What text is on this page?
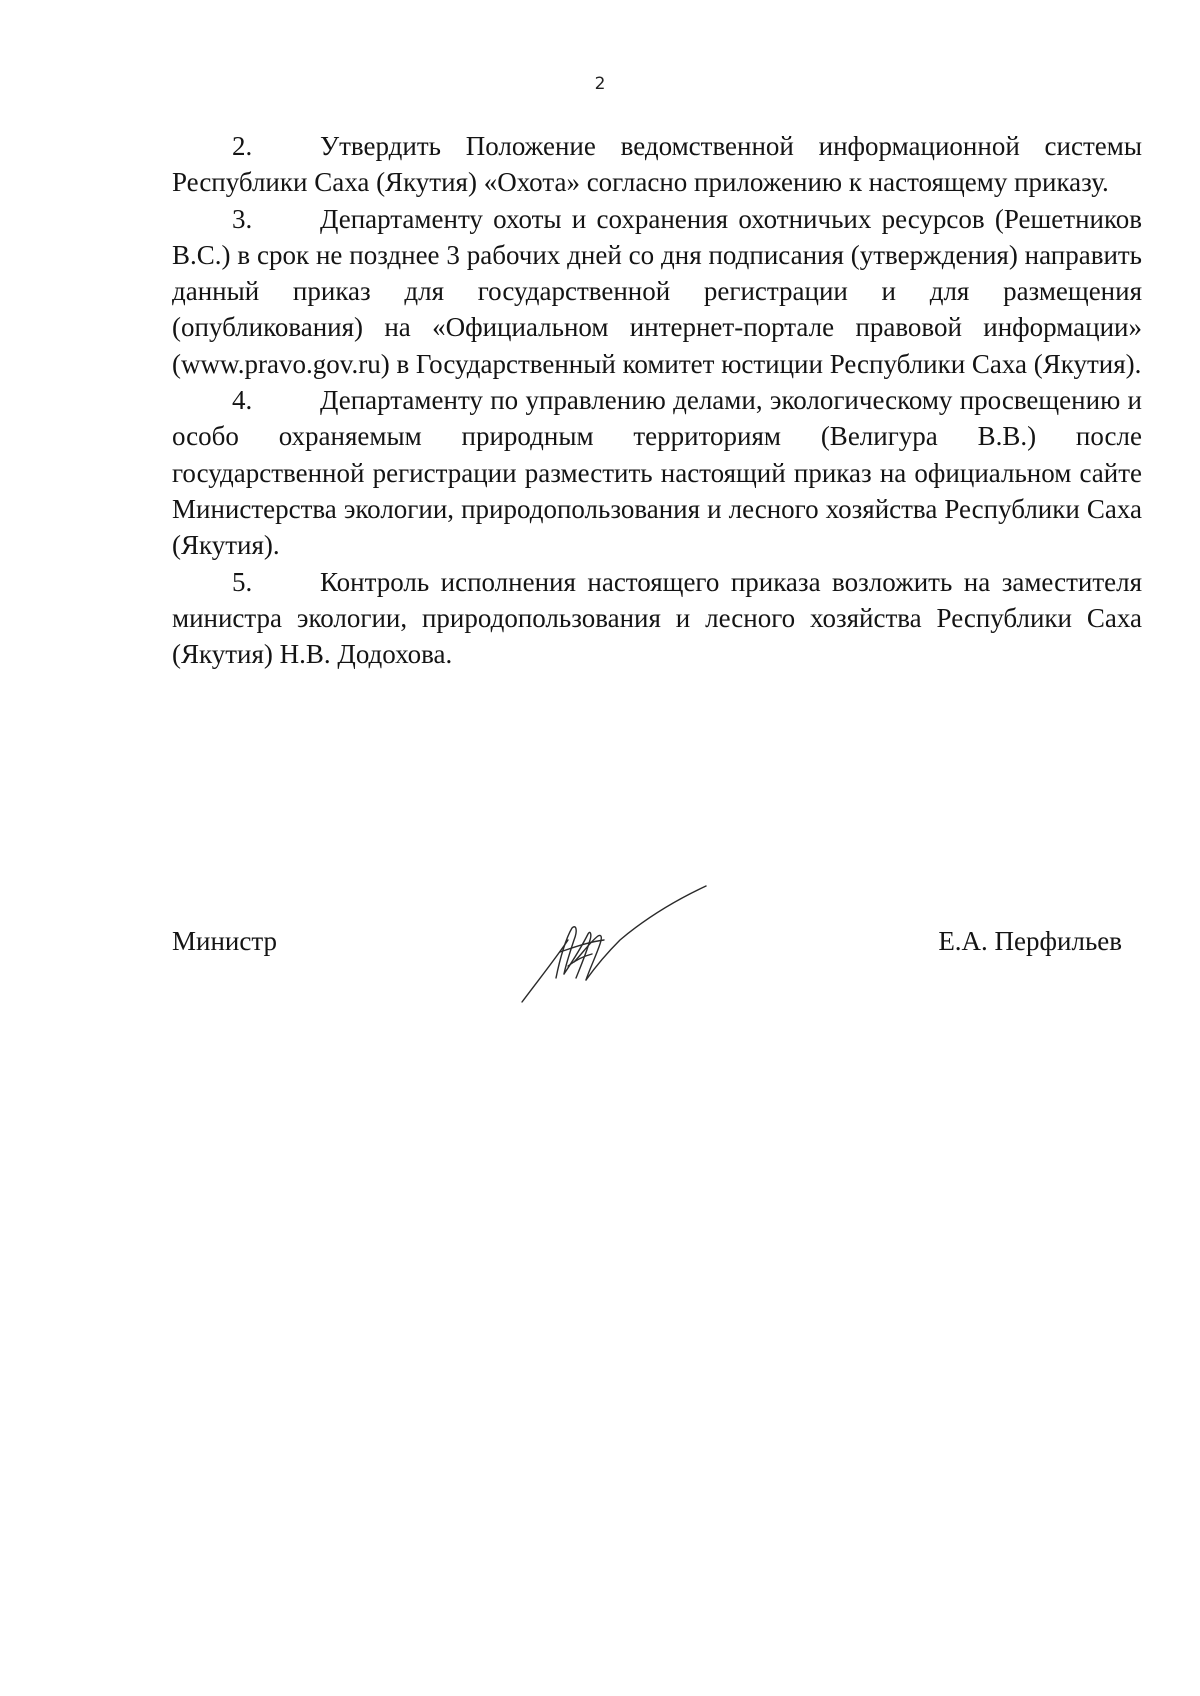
2

2.	Утвердить Положение ведомственной информационной системы Республики Саха (Якутия) «Охота» согласно приложению к настоящему приказу.

3.	Департаменту охоты и сохранения охотничьих ресурсов (Решетников В.С.) в срок не позднее 3 рабочих дней со дня подписания (утверждения) направить данный приказ для государственной регистрации и для размещения (опубликования) на «Официальном интернет-портале правовой информации» (www.pravo.gov.ru) в Государственный комитет юстиции Республики Саха (Якутия).

4.	Департаменту по управлению делами, экологическому просвещению и особо охраняемым природным территориям (Велигура В.В.) после государственной регистрации разместить настоящий приказ на официальном сайте Министерства экологии, природопользования и лесного хозяйства Республики Саха (Якутия).

5.	Контроль исполнения настоящего приказа возложить на заместителя министра экологии, природопользования и лесного хозяйства Республики Саха (Якутия) Н.В. Додохова.

Министр	Е.А. Перфильев
